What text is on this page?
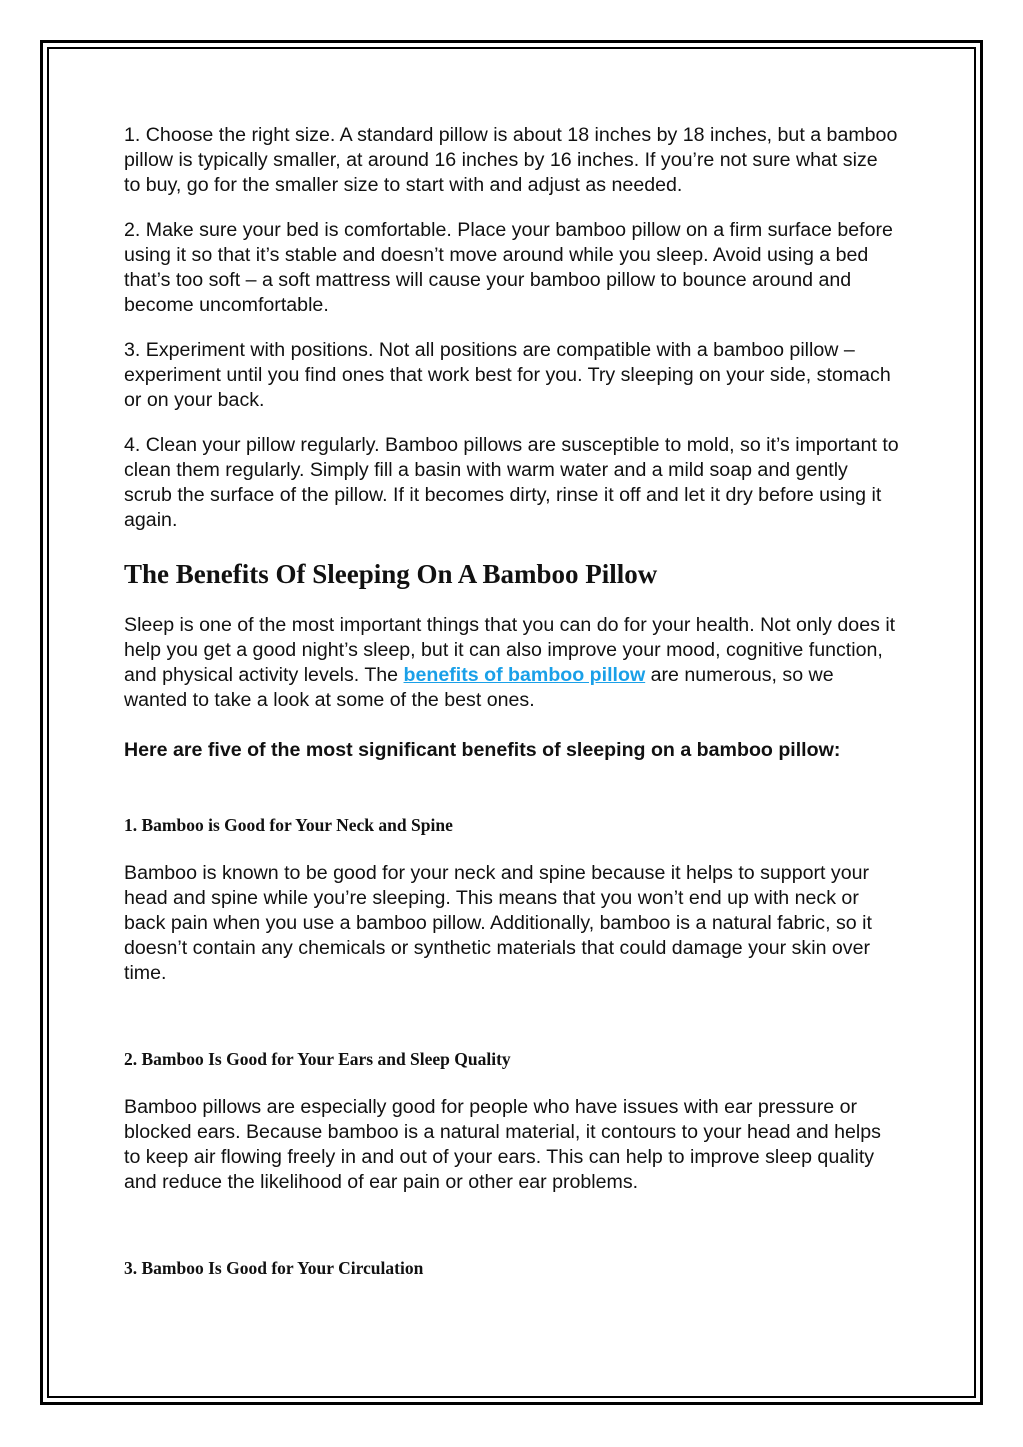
1. Choose the right size. A standard pillow is about 18 inches by 18 inches, but a bamboo pillow is typically smaller, at around 16 inches by 16 inches. If you’re not sure what size to buy, go for the smaller size to start with and adjust as needed.

2. Make sure your bed is comfortable. Place your bamboo pillow on a firm surface before using it so that it’s stable and doesn’t move around while you sleep. Avoid using a bed that’s too soft – a soft mattress will cause your bamboo pillow to bounce around and become uncomfortable.

3. Experiment with positions. Not all positions are compatible with a bamboo pillow – experiment until you find ones that work best for you. Try sleeping on your side, stomach or on your back.

4. Clean your pillow regularly. Bamboo pillows are susceptible to mold, so it’s important to clean them regularly. Simply fill a basin with warm water and a mild soap and gently scrub the surface of the pillow. If it becomes dirty, rinse it off and let it dry before using it again.

The Benefits Of Sleeping On A Bamboo Pillow

Sleep is one of the most important things that you can do for your health. Not only does it help you get a good night’s sleep, but it can also improve your mood, cognitive function, and physical activity levels. The benefits of bamboo pillow are numerous, so we wanted to take a look at some of the best ones.

Here are five of the most significant benefits of sleeping on a bamboo pillow:

1. Bamboo is Good for Your Neck and Spine

Bamboo is known to be good for your neck and spine because it helps to support your head and spine while you’re sleeping. This means that you won’t end up with neck or back pain when you use a bamboo pillow. Additionally, bamboo is a natural fabric, so it doesn’t contain any chemicals or synthetic materials that could damage your skin over time.

2. Bamboo Is Good for Your Ears and Sleep Quality

Bamboo pillows are especially good for people who have issues with ear pressure or blocked ears. Because bamboo is a natural material, it contours to your head and helps to keep air flowing freely in and out of your ears. This can help to improve sleep quality and reduce the likelihood of ear pain or other ear problems.

3. Bamboo Is Good for Your Circulation
